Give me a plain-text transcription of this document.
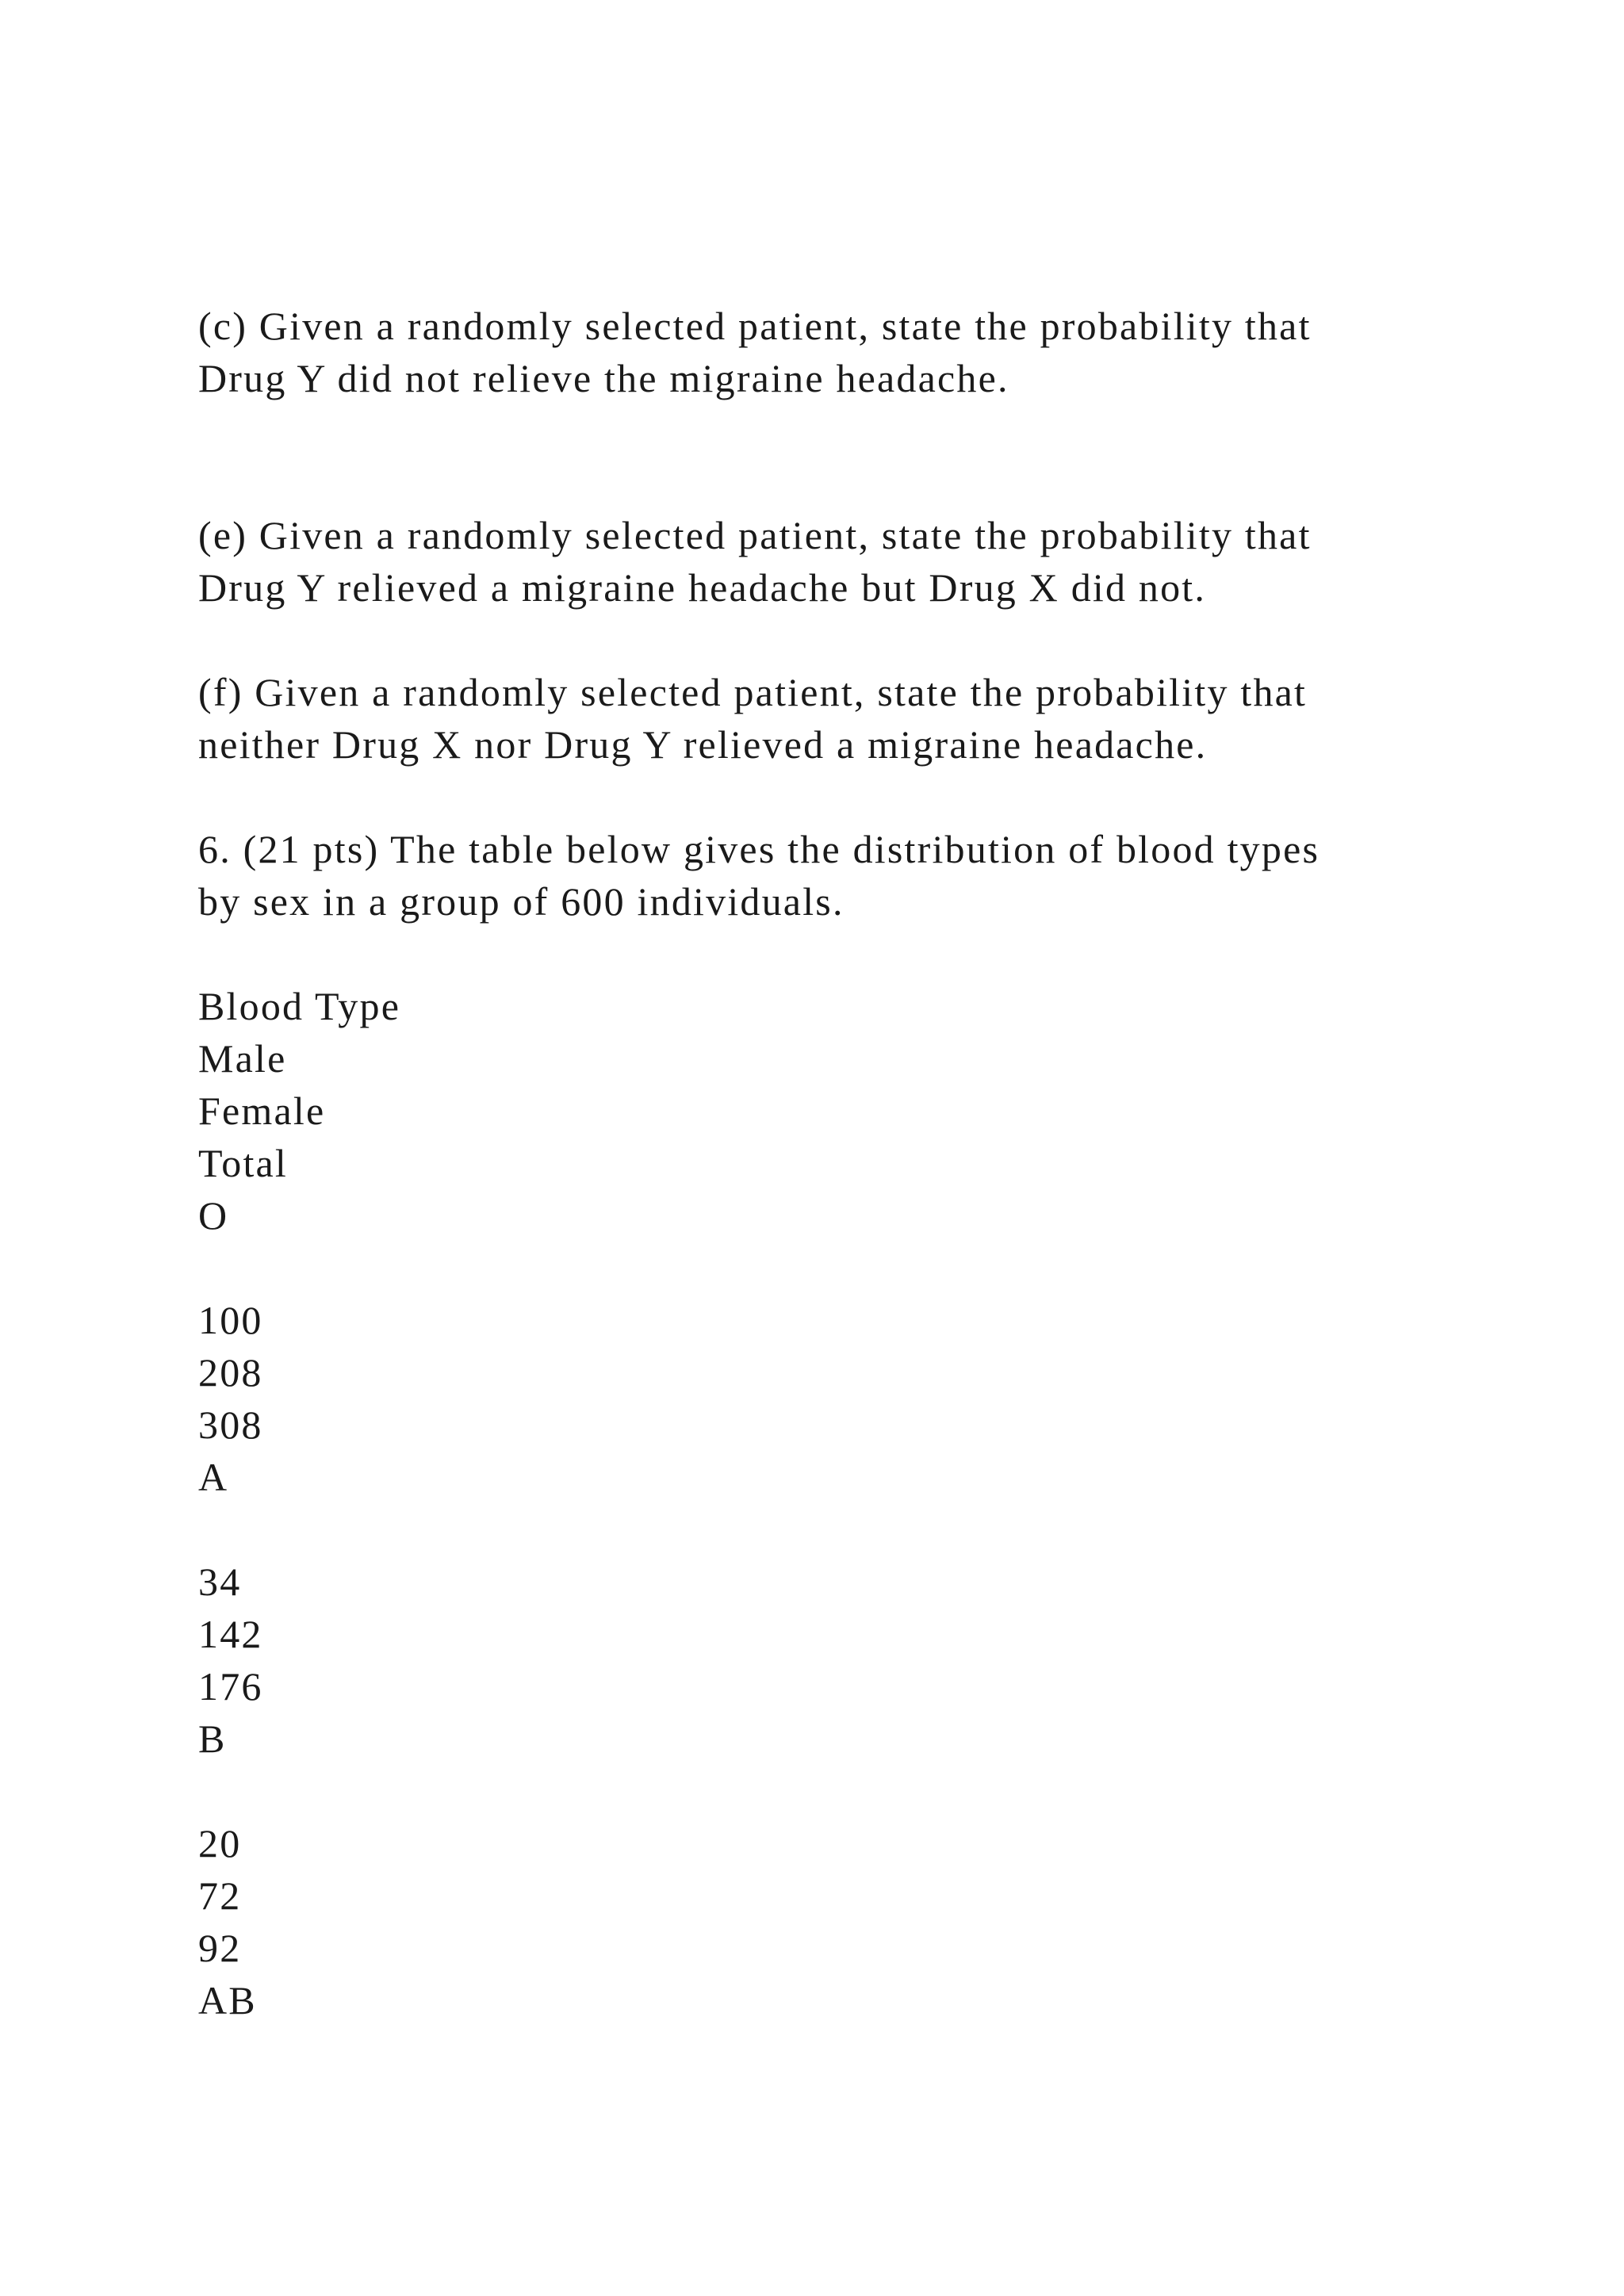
(c) Given a randomly selected patient, state the probability that
Drug Y did not relieve the migraine headache.

(e) Given a randomly selected patient, state the probability that
Drug Y relieved a migraine headache but Drug X did not.

(f) Given a randomly selected patient, state the probability that
neither Drug X nor Drug Y relieved a migraine headache.

6. (21 pts) The table below gives the distribution of blood types
by sex in a group of 600 individuals.

Blood Type
Male
Female
Total
O
100
208
308
A
34
142
176
B
20
72
92
AB
